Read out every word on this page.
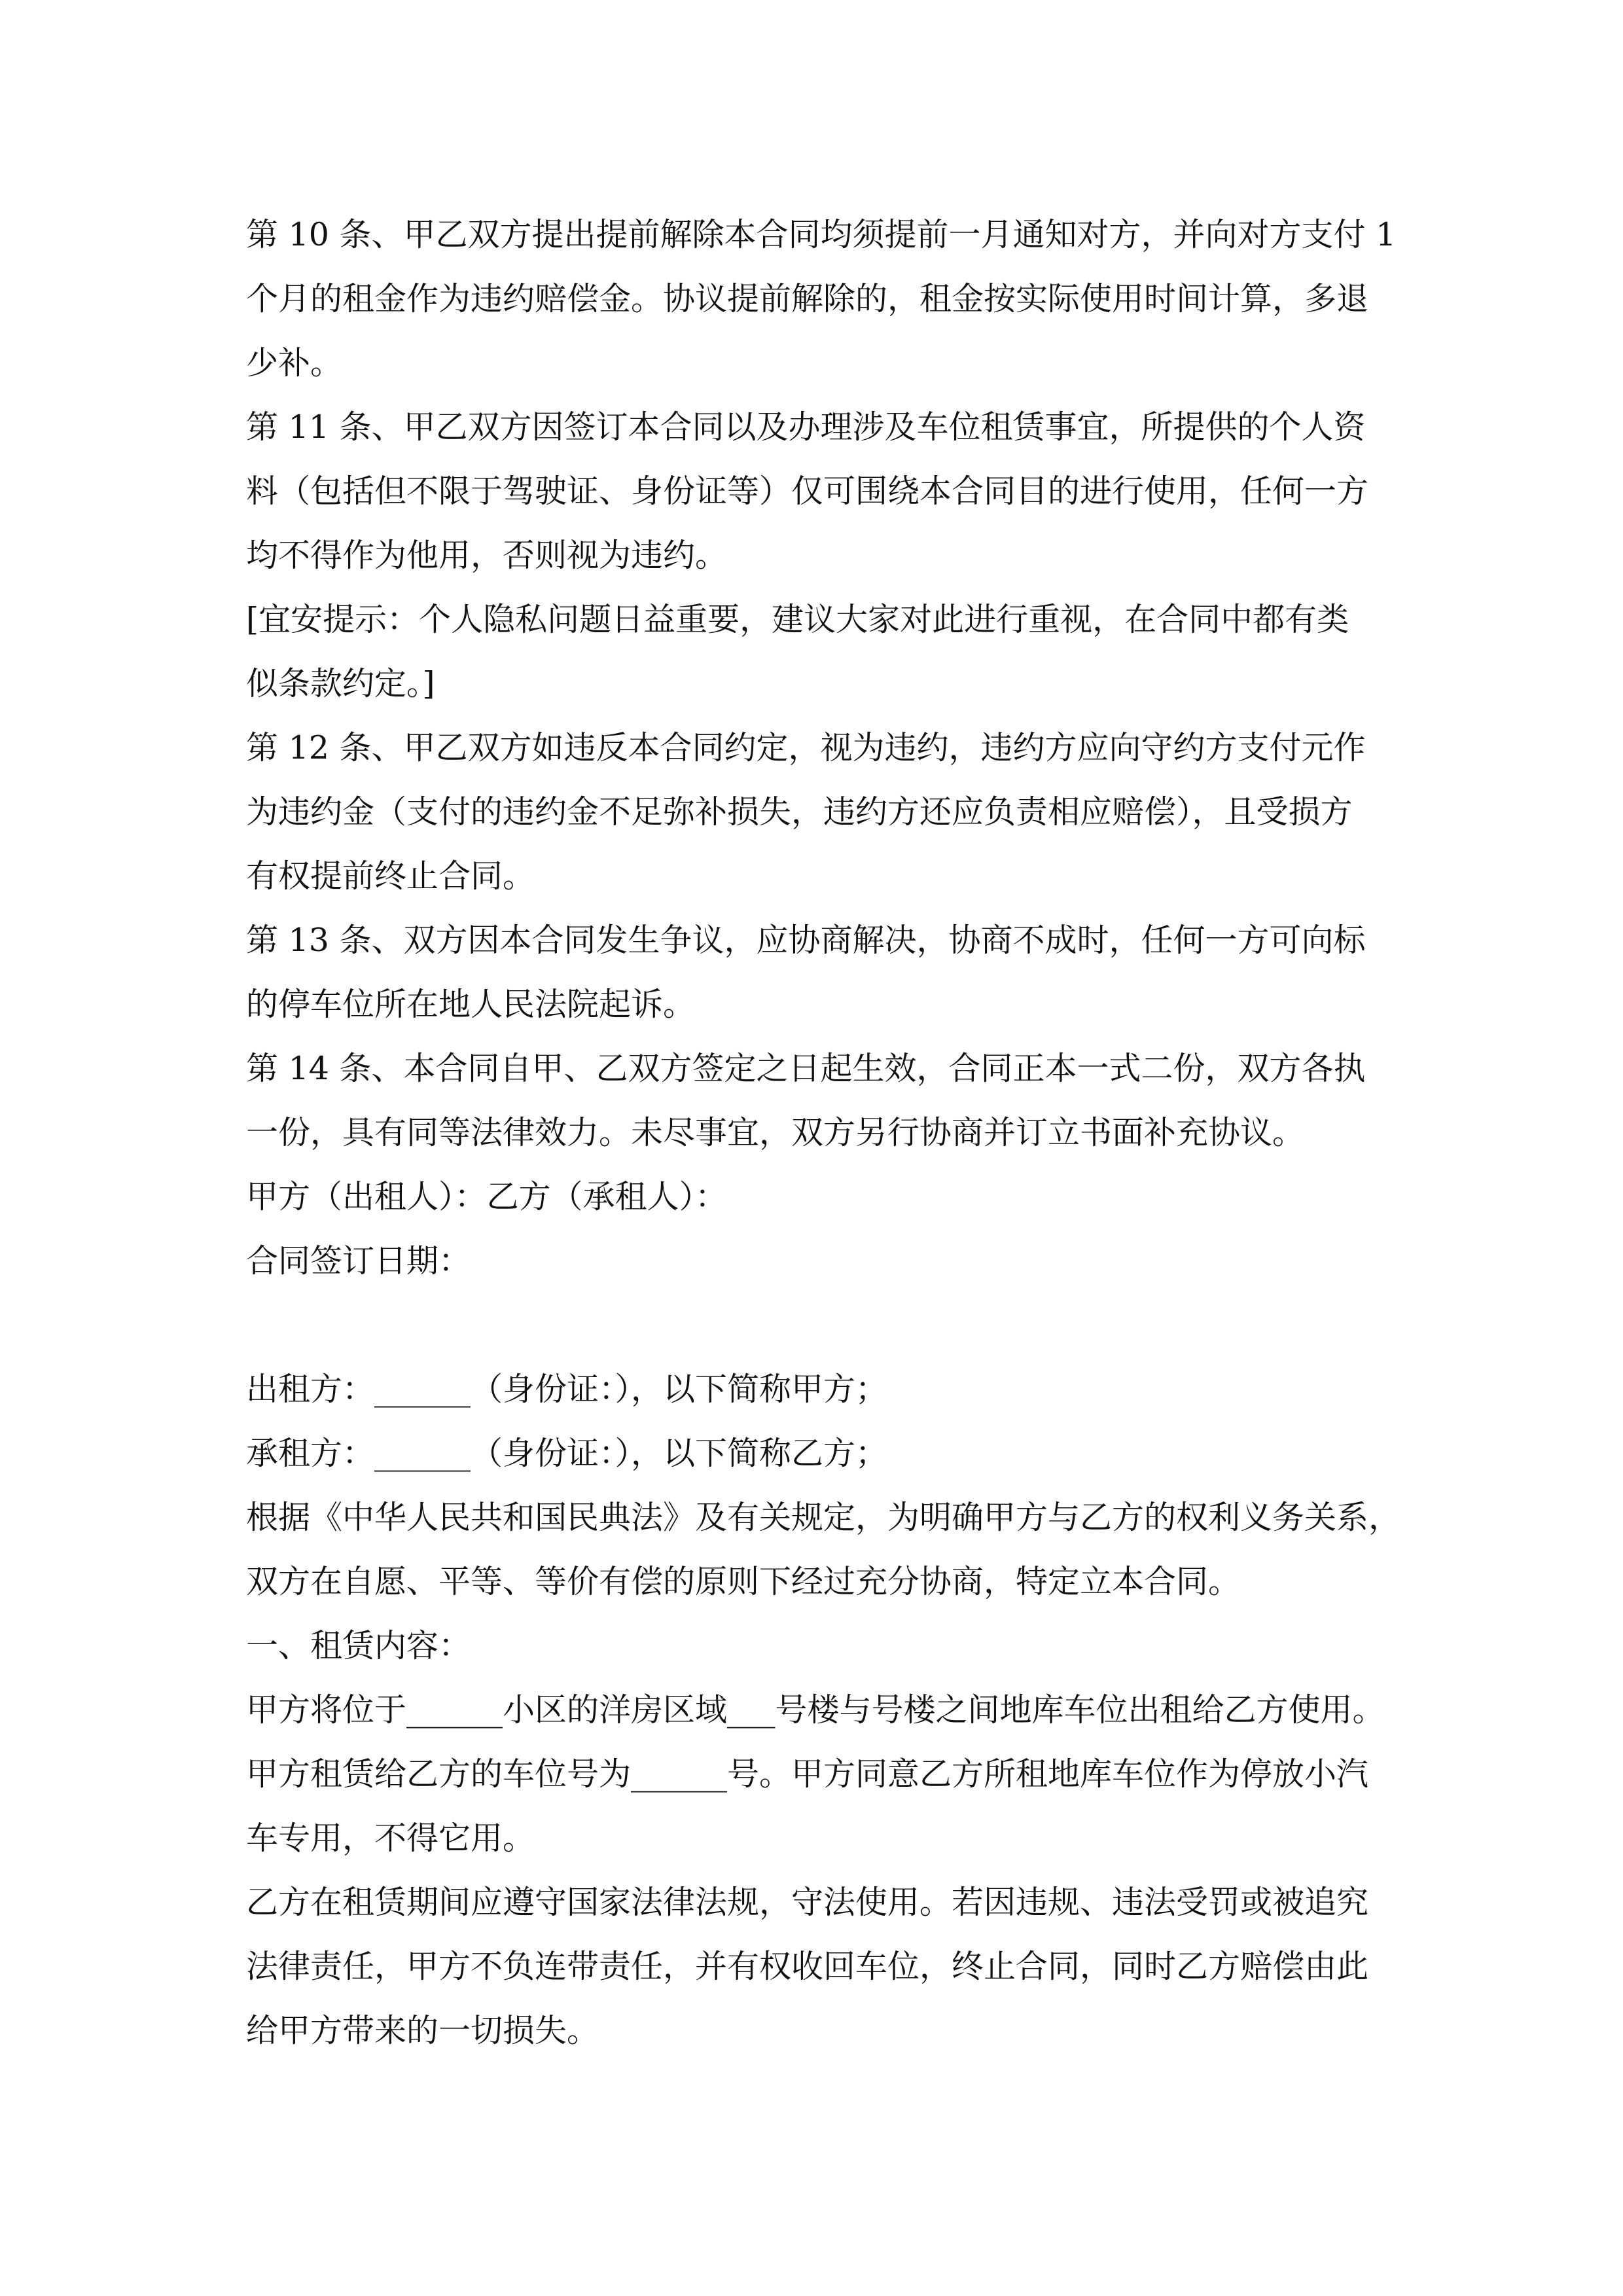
第 10 条、甲乙双方提出提前解除本合同均须提前一月通知对方，并向对方支付 1
个月的租金作为违约赔偿金。协议提前解除的，租金按实际使用时间计算，多退
少补。
第 11 条、甲乙双方因签订本合同以及办理涉及车位租赁事宜，所提供的个人资
料（包括但不限于驾驶证、身份证等）仅可围绕本合同目的进行使用，任何一方
均不得作为他用，否则视为违约。
[宜安提示：个人隐私问题日益重要，建议大家对此进行重视，在合同中都有类
似条款约定。]
第 12 条、甲乙双方如违反本合同约定，视为违约，违约方应向守约方支付元作
为违约金（支付的违约金不足弥补损失，违约方还应负责相应赔偿），且受损方
有权提前终止合同。
第 13 条、双方因本合同发生争议，应协商解决，协商不成时，任何一方可向标
的停车位所在地人民法院起诉。
第 14 条、本合同自甲、乙双方签定之日起生效，合同正本一式二份，双方各执
一份，具有同等法律效力。未尽事宜，双方另行协商并订立书面补充协议。
甲方（出租人）：乙方（承租人）：
合同签订日期：
出租方：______（身份证：），以下简称甲方；
承租方：______（身份证：），以下简称乙方；
根据《中华人民共和国民典法》及有关规定，为明确甲方与乙方的权利义务关系，
双方在自愿、平等、等价有偿的原则下经过充分协商，特定立本合同。
一、租赁内容：
甲方将位于______小区的洋房区域___号楼与号楼之间地库车位出租给乙方使用。
甲方租赁给乙方的车位号为______号。甲方同意乙方所租地库车位作为停放小汽
车专用，不得它用。
乙方在租赁期间应遵守国家法律法规，守法使用。若因违规、违法受罚或被追究
法律责任，甲方不负连带责任，并有权收回车位，终止合同，同时乙方赔偿由此
给甲方带来的一切损失。
